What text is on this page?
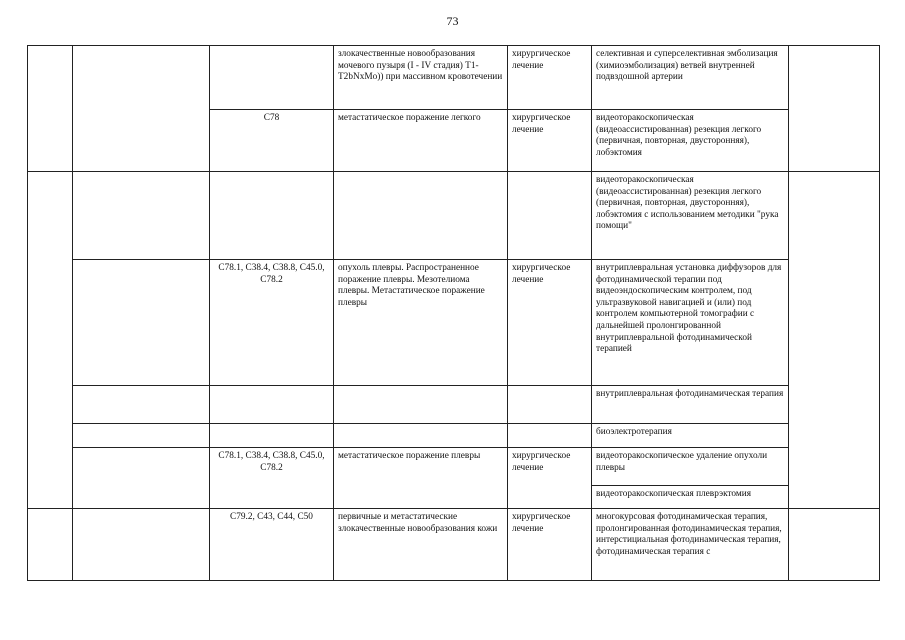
73
			злокачественные новообразования мочевого пузыря (I - IV стадия) T1-T2bNxMo)) при массивном кровотечении	хирургическое лечение	селективная и суперселективная эмболизация (химиоэмболизация) ветвей внутренней подвздошной артерии	
		C78	метастатическое поражение легкого	хирургическое лечение	видеоторакоскопическая (видеоассистированная) резекция легкого (первичная, повторная, двусторонняя), лобэктомия	
					видеоторакоскопическая (видеоассистированная) резекция легкого (первичная, повторная, двусторонняя), лобэктомия с использованием методики "рука помощи"	
		C78.1, C38.4, C38.8, C45.0, C78.2	опухоль плевры. Распространенное поражение плевры. Мезотелиома плевры. Метастатическое поражение плевры	хирургическое лечение	внутриплевральная установка диффузоров для фотодинамической терапии под видеоэндоскопическим контролем, под ультразвуковой навигацией и (или) под контролем компьютерной томографии с дальнейшей пролонгированной внутриплевральной фотодинамической терапией	
					внутриплевральная фотодинамическая терапия	
					биоэлектротерапия	
		C78.1, C38.4, C38.8, C45.0, C78.2	метастатическое поражение плевры	хирургическое лечение	видеоторакоскопическое удаление опухоли плевры	
					видеоторакоскопическая плеврэктомия	
		C79.2, C43, C44, C50	первичные и метастатические злокачественные новообразования кожи	хирургическое лечение	многокурсовая фотодинамическая терапия, пролонгированная фотодинамическая терапия, интерстициальная фотодинамическая терапия, фотодинамическая терапия с	
